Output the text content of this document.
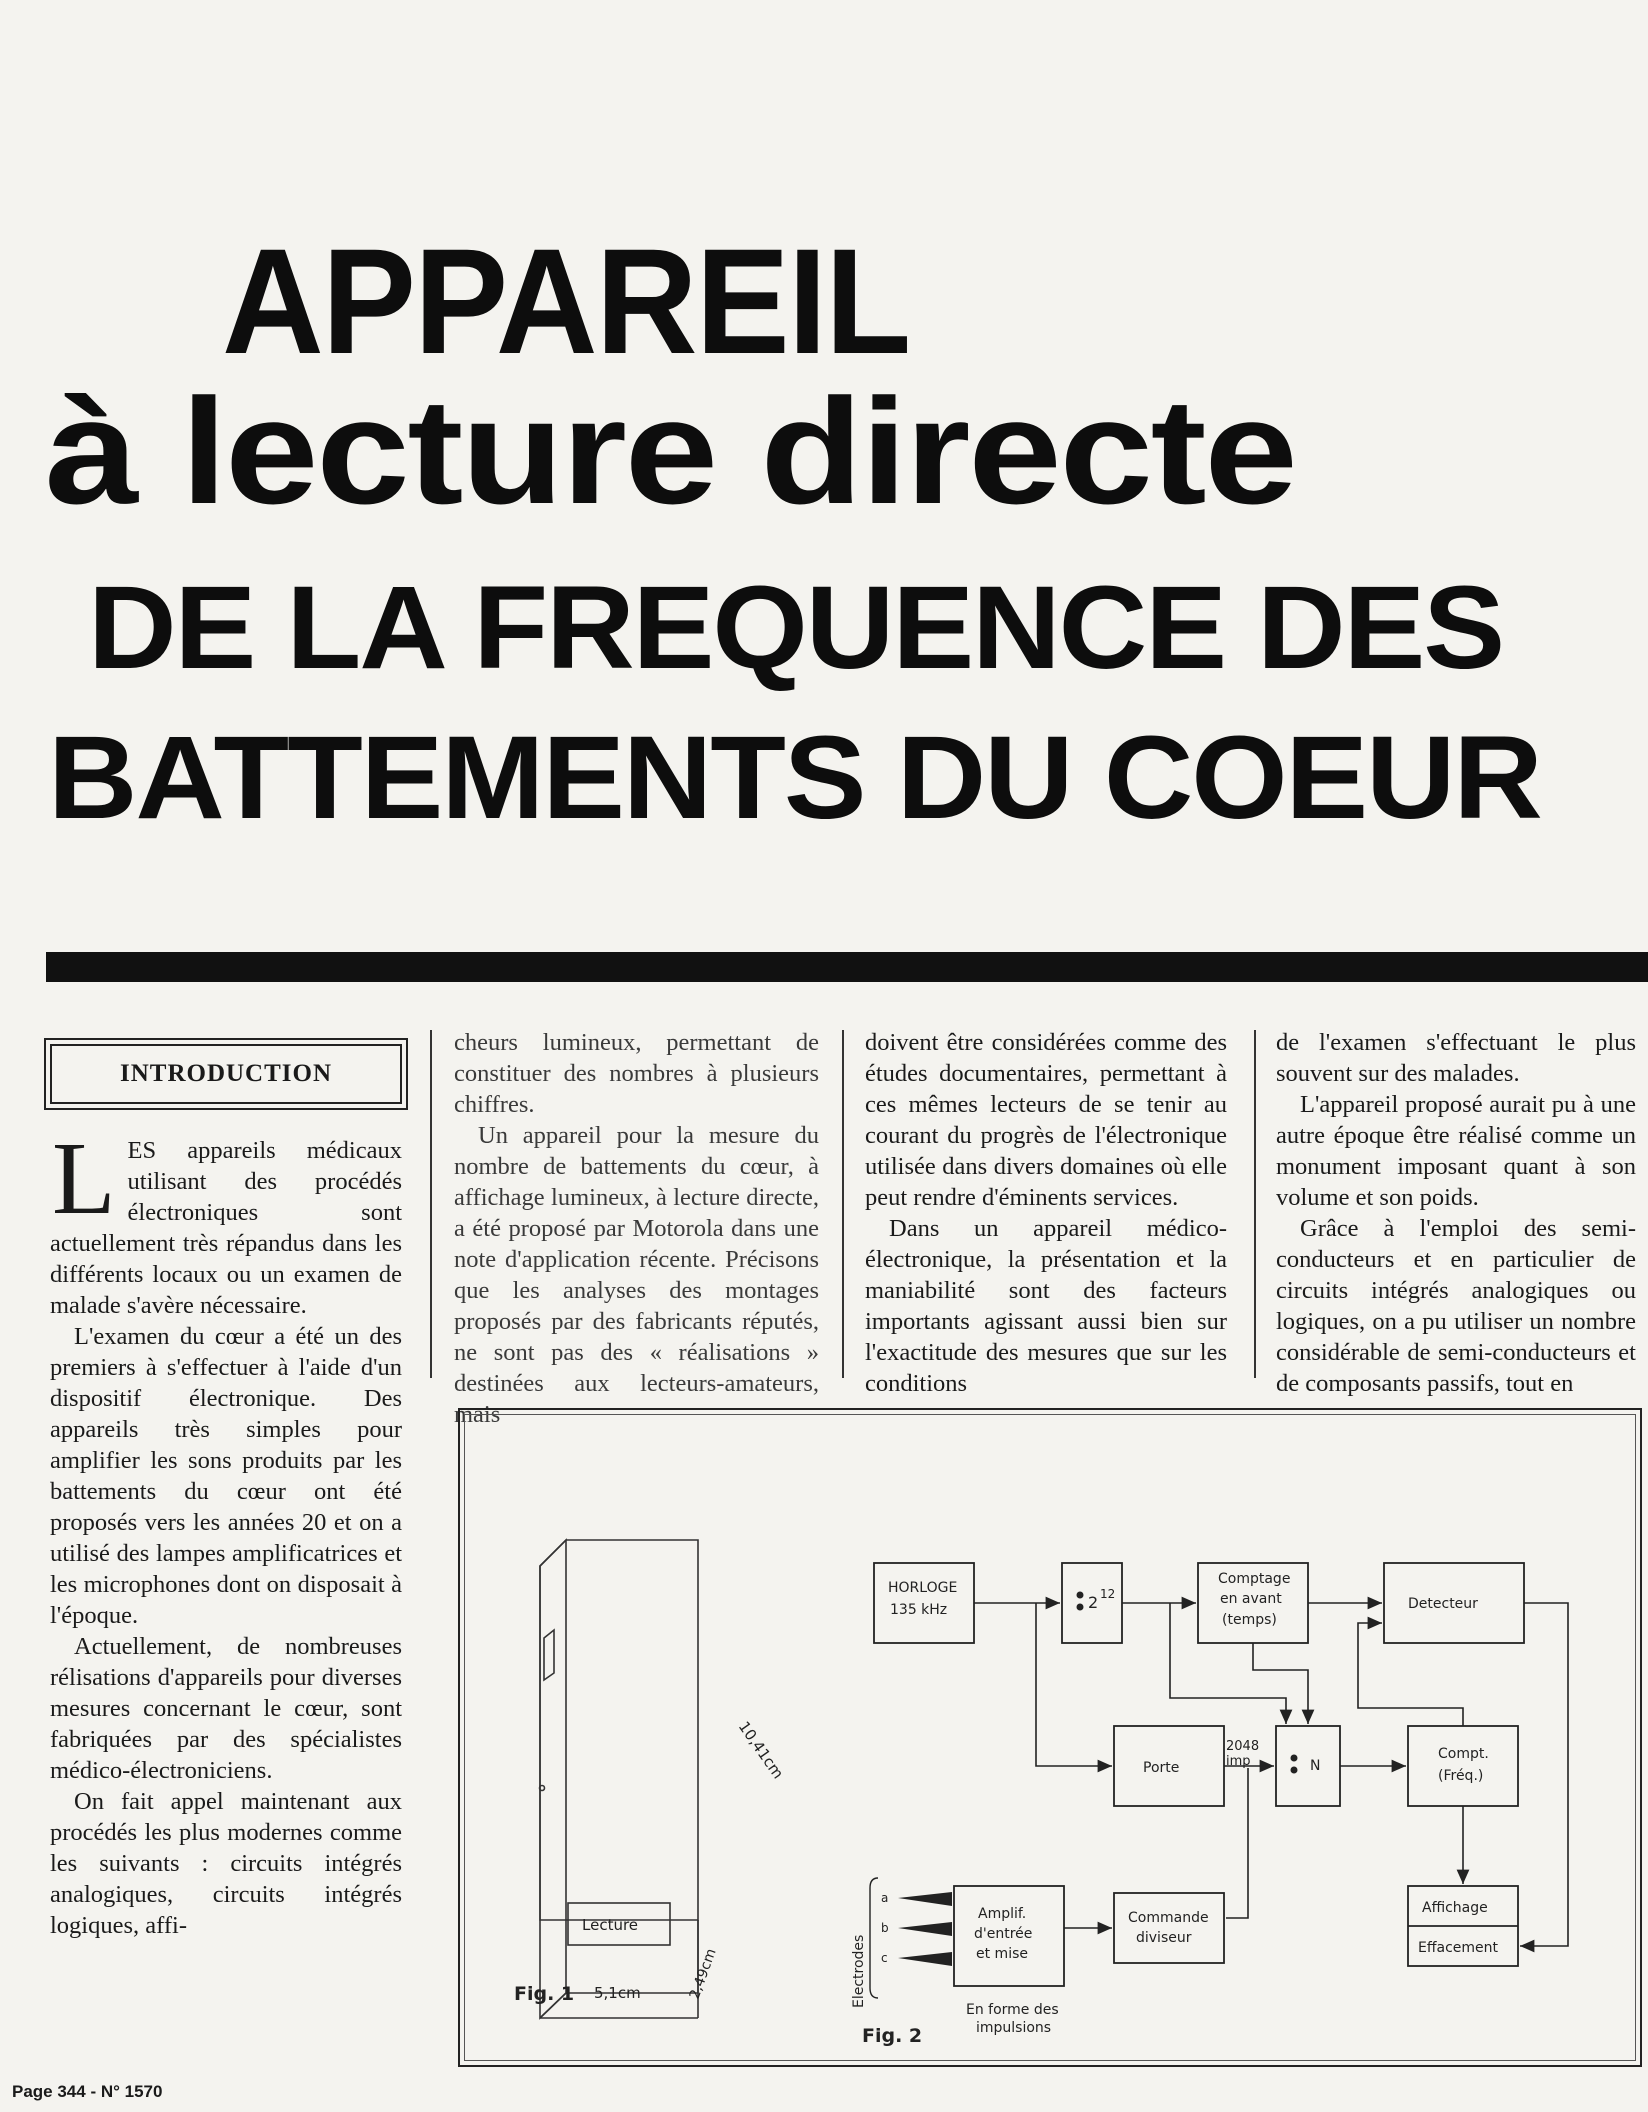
APPAREIL
à lecture directe
DE LA FREQUENCE DES
BATTEMENTS DU COEUR
INTRODUCTION

LES appareils médicaux utilisant des procédés électroniques sont actuellement très répandus dans les différents locaux ou un examen de malade s'avère nécessaire.

L'examen du cœur a été un des premiers à s'effectuer à l'aide d'un dispositif électronique. Des appareils très simples pour amplifier les sons produits par les battements du cœur ont été proposés vers les années 20 et on a utilisé des lampes amplificatrices et les microphones dont on disposait à l'époque.

Actuellement, de nombreuses rélisations d'appareils pour diverses mesures concernant le cœur, sont fabriquées par des spécialistes médico-électroniciens.

On fait appel maintenant aux procédés les plus modernes comme les suivants : circuits intégrés analogiques, circuits intégrés logiques, affi-

cheurs lumineux, permettant de constituer des nombres à plusieurs chiffres.

Un appareil pour la mesure du nombre de battements du cœur, à affichage lumineux, à lecture directe, a été proposé par Motorola dans une note d'application récente. Précisons que les analyses des montages proposés par des fabricants réputés, ne sont pas des « réalisations » destinées aux lecteurs-amateurs, mais

doivent être considérées comme des études documentaires, permettant à ces mêmes lecteurs de se tenir au courant du progrès de l'électronique utilisée dans divers domaines où elle peut rendre d'éminents services.

Dans un appareil médico-électronique, la présentation et la maniabilité sont des facteurs importants agissant aussi bien sur l'exactitude des mesures que sur les conditions

de l'examen s'effectuant le plus souvent sur des malades.

L'appareil proposé aurait pu à une autre époque être réalisé comme un monument imposant quant à son volume et son poids.

Grâce à l'emploi des semi-conducteurs et en particulier de circuits intégrés analogiques ou logiques, on a pu utiliser un nombre considérable de semi-conducteurs et de composants passifs, tout en

Lecture
10,41cm
5,1cm	2,49cm
Fig. 1
HORLOGE
135 kHz	2 12
Comptage
en avant
(temps)
Detecteur
Porte
2048
imp	N
Compt.
(Fréq.)
Affichage
Effacement
Electrodes
a
b
c
Amplif.
d'entrée
et mise
Commande
diviseur
En forme des
impulsions
Fig. 2
Page 344 - N° 1570
